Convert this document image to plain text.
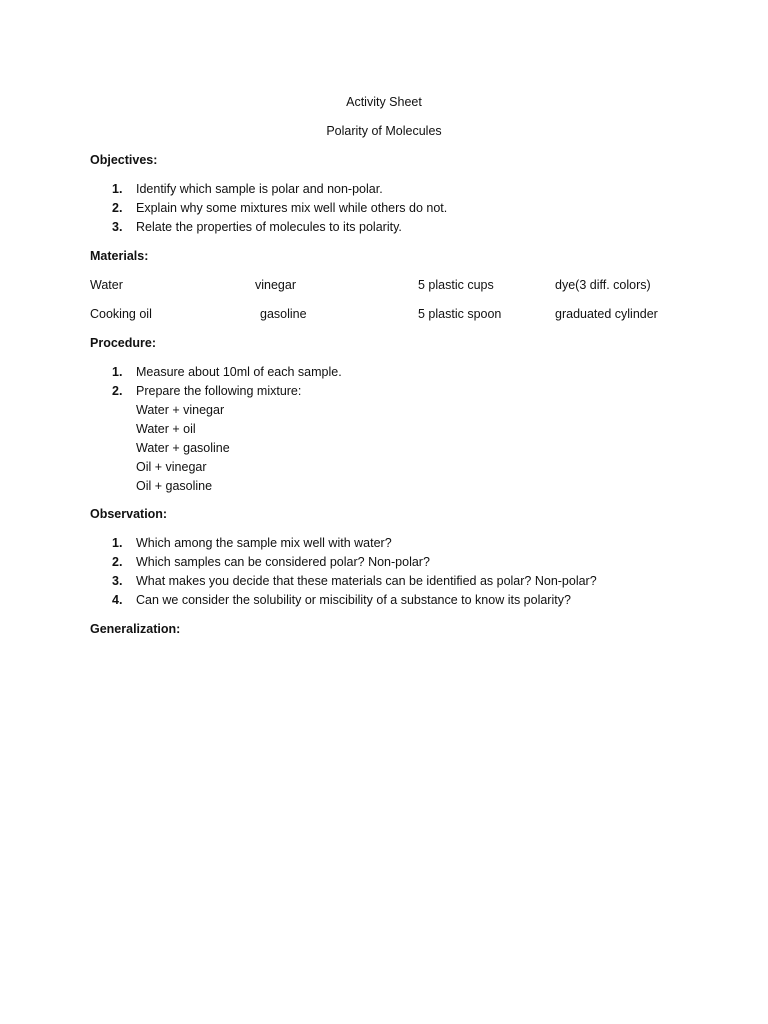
Activity Sheet
Polarity of Molecules
Objectives:
1. Identify which sample is polar and non-polar.
2. Explain why some mixtures mix well while others do not.
3. Relate the properties of molecules to its polarity.
Materials:
Water	vinegar	5 plastic cups	dye(3 diff. colors)
Cooking oil	gasoline	5 plastic spoon	graduated cylinder
Procedure:
1. Measure about 10ml of each sample.
2. Prepare the following mixture:
Water + vinegar
Water + oil
Water + gasoline
Oil + vinegar
Oil + gasoline
Observation:
1. Which among the sample mix well with water?
2. Which samples can be considered polar? Non-polar?
3. What makes you decide that these materials can be identified as polar? Non-polar?
4. Can we consider the solubility or miscibility of a substance to know its polarity?
Generalization:
